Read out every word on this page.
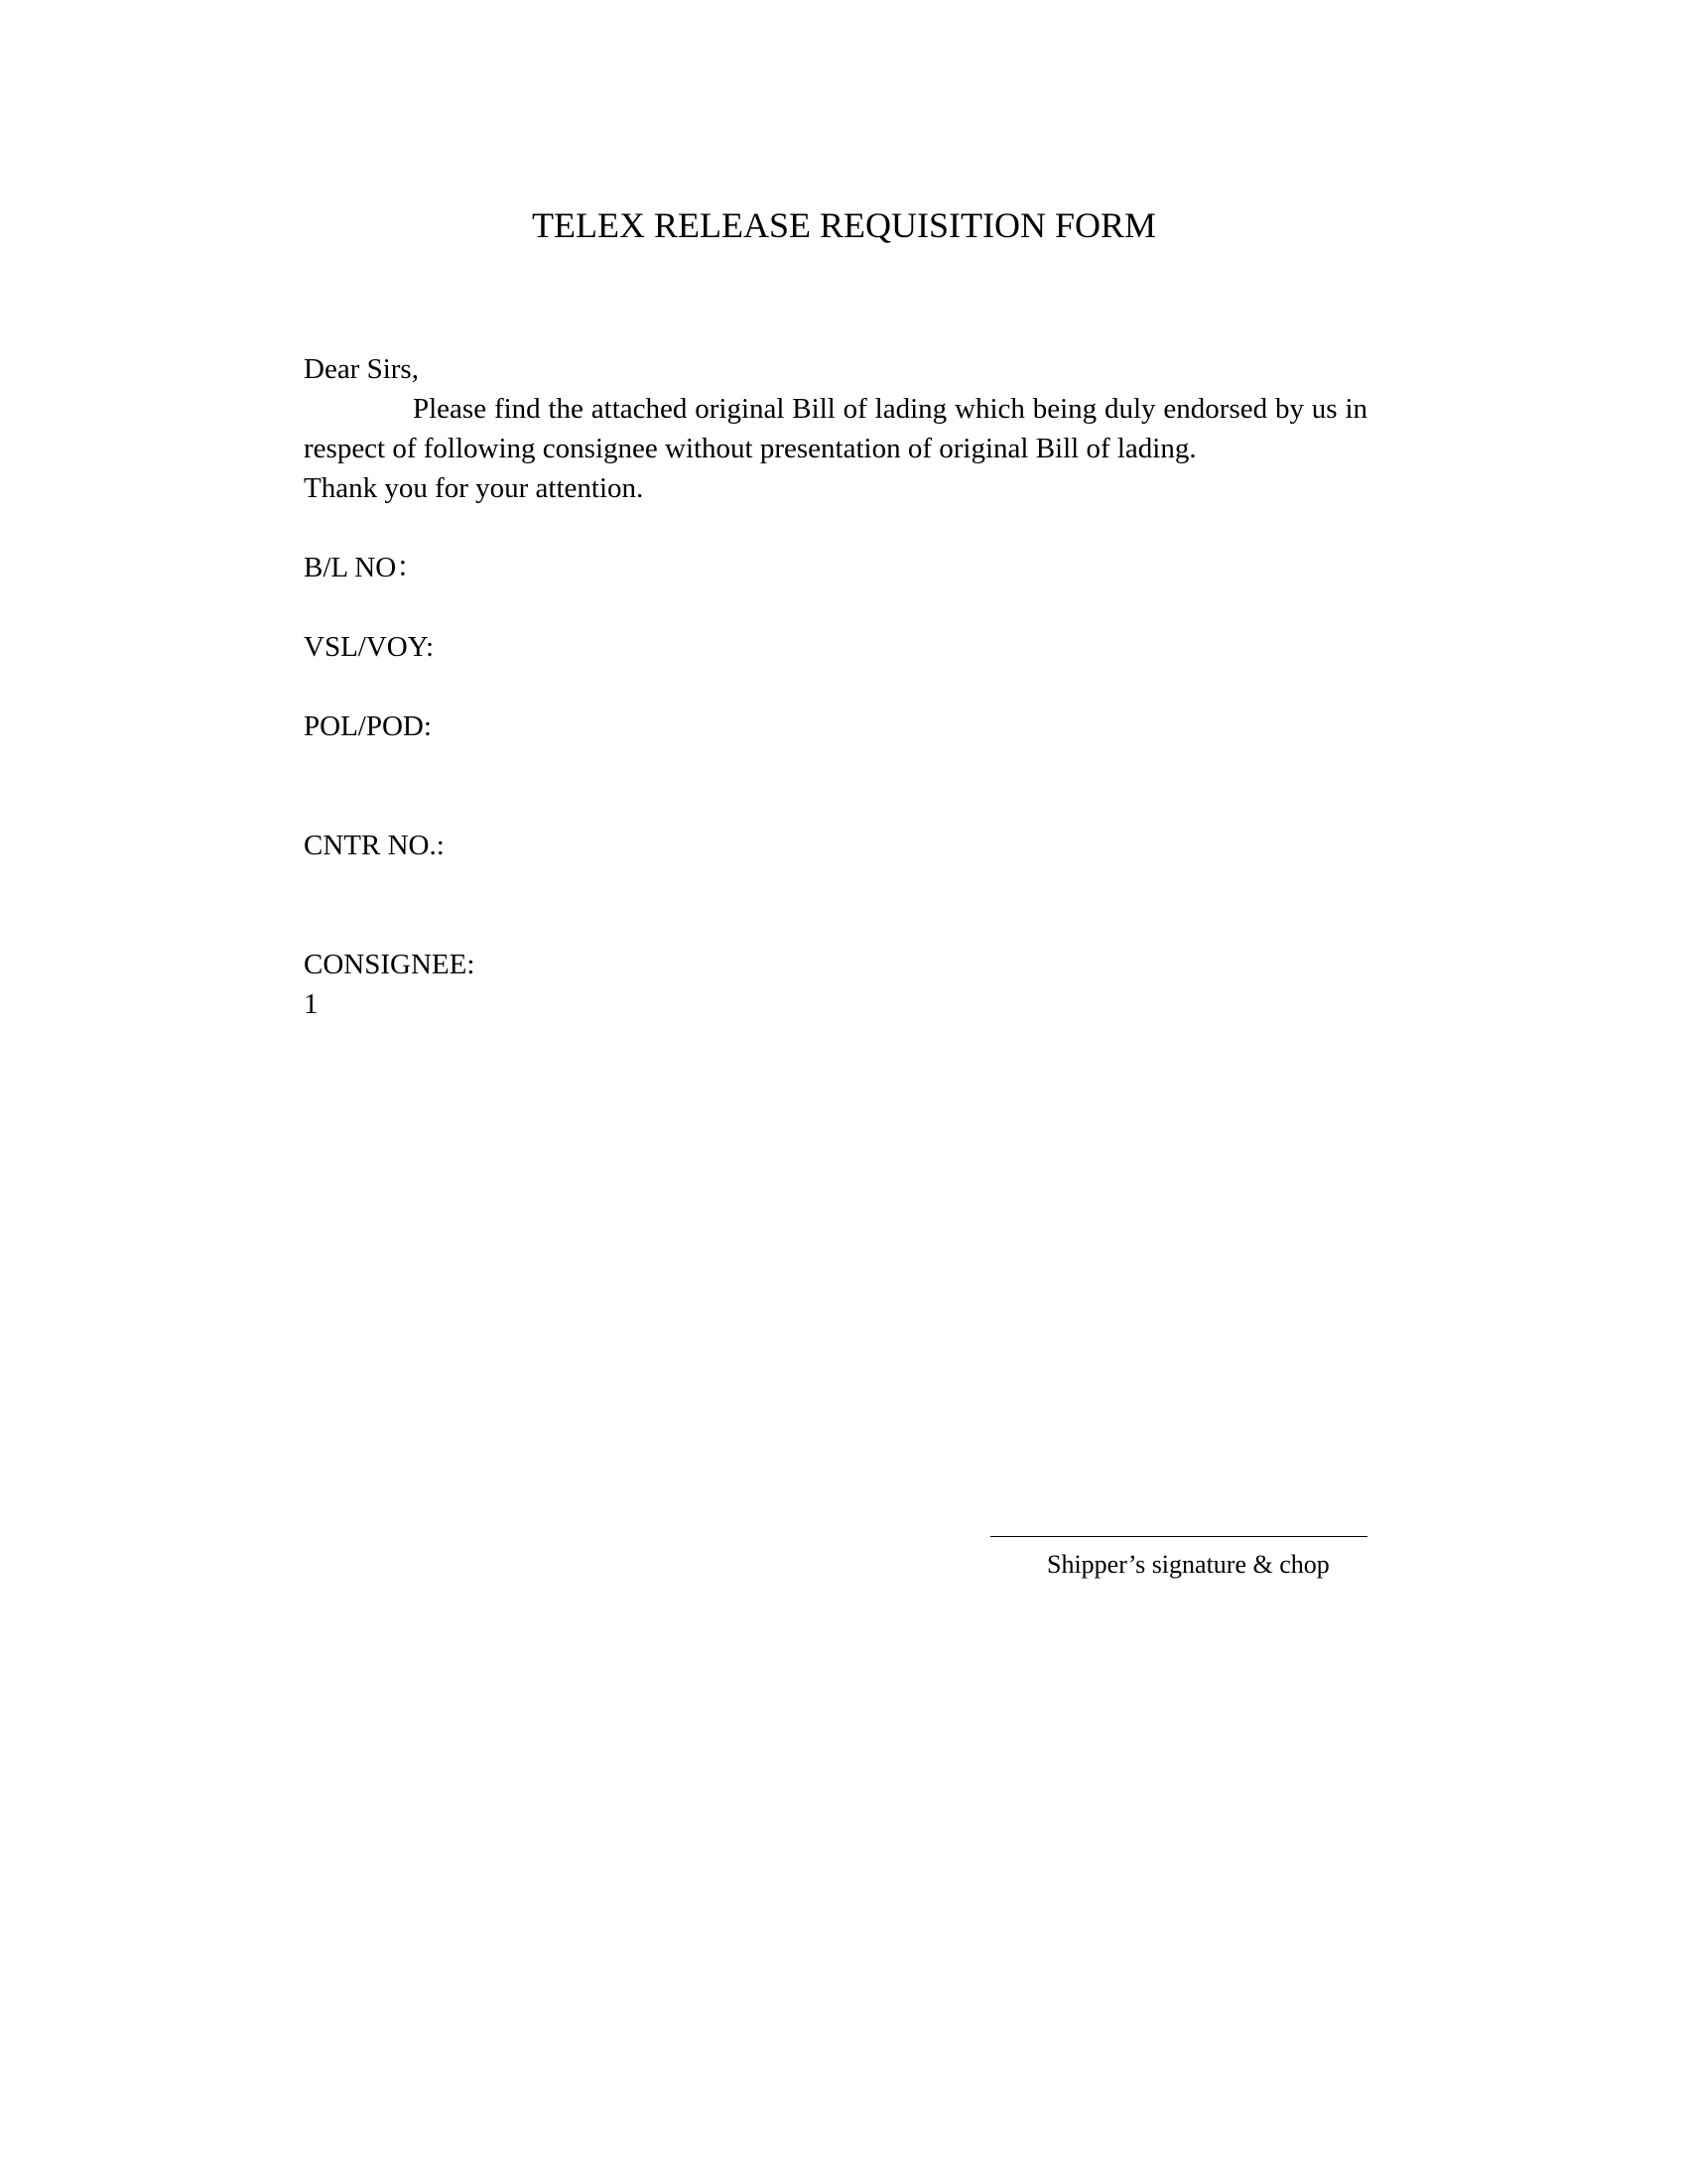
TELEX RELEASE REQUISITION FORM

Dear Sirs,

Please find the attached original Bill of lading which being duly endorsed by us in respect of following consignee without presentation of original Bill of lading.

Thank you for your attention.

B/L NO：
VSL/VOY:
POL/POD:
CNTR NO.:
CONSIGNEE:
1
Shipper’s signature & chop
